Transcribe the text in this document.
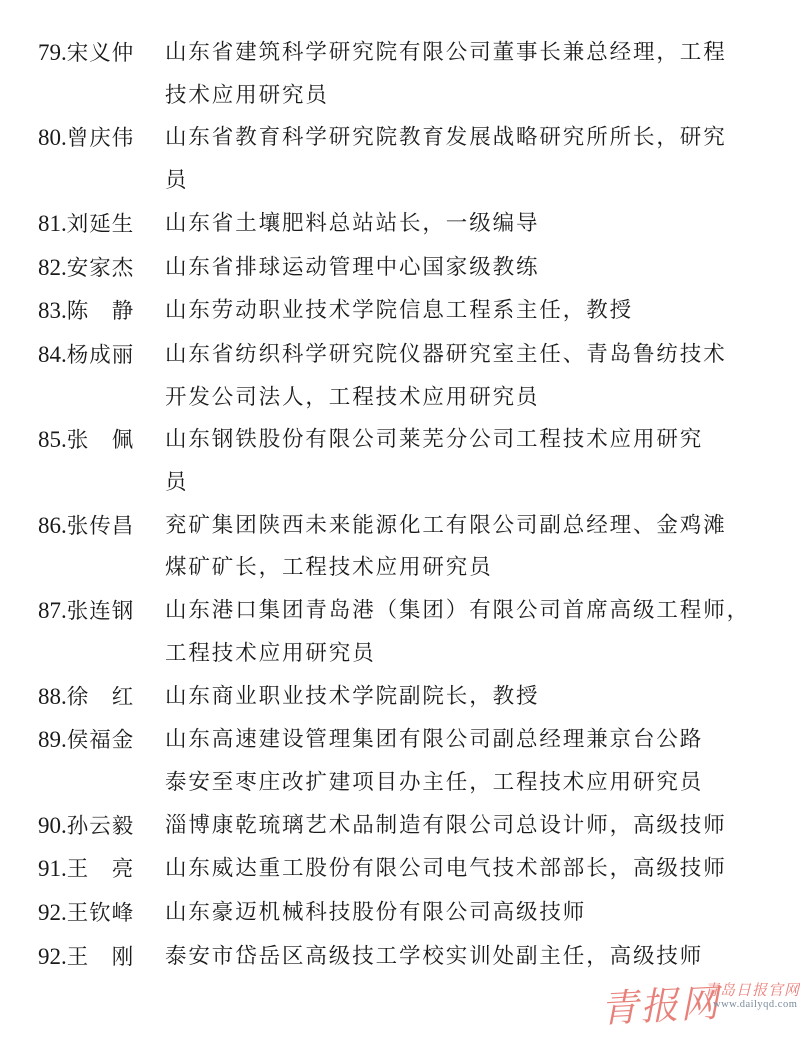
79.宋义仲	山东省建筑科学研究院有限公司董事长兼总经理，工程
技术应用研究员
80.曾庆伟	山东省教育科学研究院教育发展战略研究所所长，研究
员
81.刘延生	山东省土壤肥料总站站长，一级编导
82.安家杰	山东省排球运动管理中心国家级教练
83.陈　静	山东劳动职业技术学院信息工程系主任，教授
84.杨成丽	山东省纺织科学研究院仪器研究室主任、青岛鲁纺技术
开发公司法人，工程技术应用研究员
85.张　佩	山东钢铁股份有限公司莱芜分公司工程技术应用研究
员
86.张传昌	兖矿集团陕西未来能源化工有限公司副总经理、金鸡滩
煤矿矿长，工程技术应用研究员
87.张连钢	山东港口集团青岛港（集团）有限公司首席高级工程师，
工程技术应用研究员
88.徐　红	山东商业职业技术学院副院长，教授
89.侯福金	山东高速建设管理集团有限公司副总经理兼京台公路
泰安至枣庄改扩建项目办主任，工程技术应用研究员
90.孙云毅	淄博康乾琉璃艺术品制造有限公司总设计师，高级技师
91.王　亮	山东威达重工股份有限公司电气技术部部长，高级技师
92.王钦峰	山东豪迈机械科技股份有限公司高级技师
92.王　刚	泰安市岱岳区高级技工学校实训处副主任，高级技师
青报网
青岛日报官网
www.dailyqd.com
